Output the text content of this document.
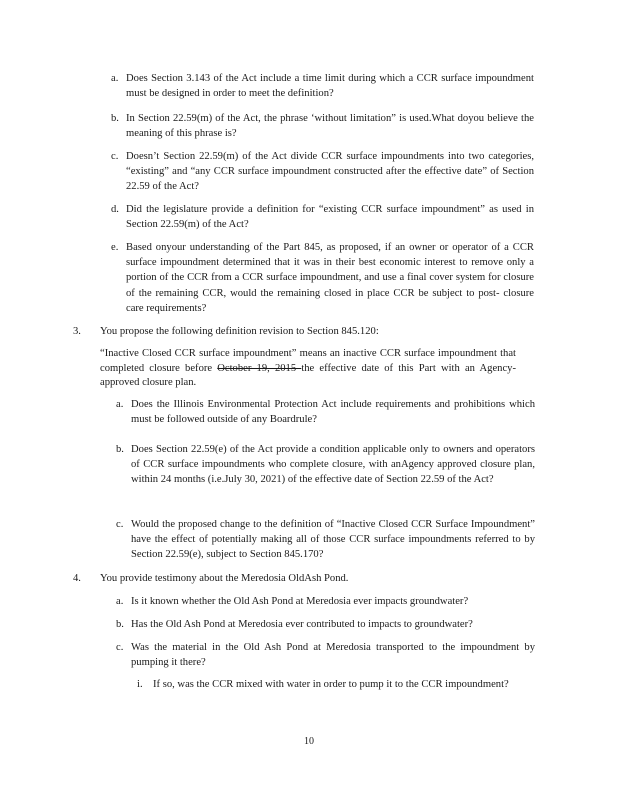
a. Does Section 3.143 of the Act include a time limit during which a CCR surface impoundment must be designed in order to meet the definition?
b. In Section 22.59(m) of the Act, the phrase ‘without limitation” is used.What doyou believe the meaning of this phrase is?
c. Doesn’t Section 22.59(m) of the Act divide CCR surface impoundments into two categories, “existing” and “any CCR surface impoundment constructed after the effective date” of Section 22.59 of the Act?
d. Did the legislature provide a definition for “existing CCR surface impoundment” as used in Section 22.59(m) of the Act?
e. Based onyour understanding of the Part 845, as proposed, if an owner or operator of a CCR surface impoundment determined that it was in their best economic interest to remove only a portion of the CCR from a CCR surface impoundment, and use a final cover system for closure of the remaining CCR, would the remaining closed in place CCR be subject to post- closure care requirements?
3. You propose the following definition revision to Section 845.120:
“Inactive Closed CCR surface impoundment” means an inactive CCR surface impoundment that completed closure before October 19, 2015 the effective date of this Part with an Agency-approved closure plan.
a. Does the Illinois Environmental Protection Act include requirements and prohibitions which must be followed outside of any Boardrule?
b. Does Section 22.59(e) of the Act provide a condition applicable only to owners and operators of CCR surface impoundments who complete closure, with anAgency approved closure plan, within 24 months (i.e.July 30, 2021) of the effective date of Section 22.59 of the Act?
c. Would the proposed change to the definition of “Inactive Closed CCR Surface Impoundment” have the effect of potentially making all of those CCR surface impoundments referred to by Section 22.59(e), subject to Section 845.170?
4. You provide testimony about the Meredosia OldAsh Pond.
a. Is it known whether the Old Ash Pond at Meredosia ever impacts groundwater?
b. Has the Old Ash Pond at Meredosia ever contributed to impacts to groundwater?
c. Was the material in the Old Ash Pond at Meredosia transported to the impoundment by pumping it there?
i. If so, was the CCR mixed with water in order to pump it to the CCR impoundment?
10
